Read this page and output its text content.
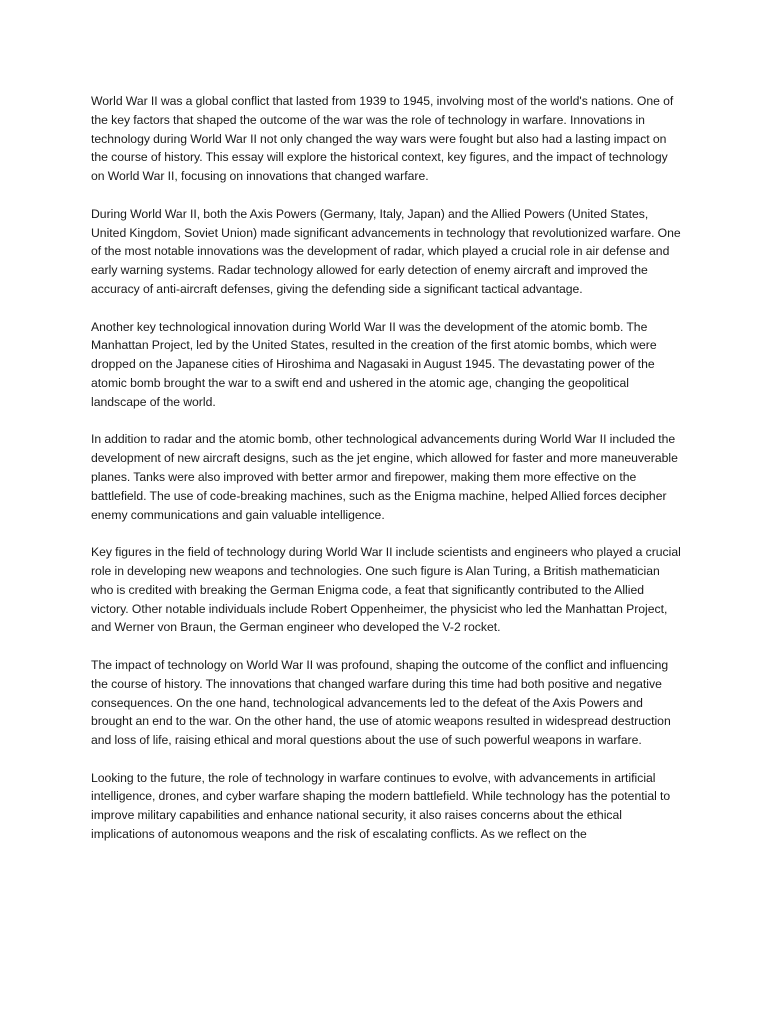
World War II was a global conflict that lasted from 1939 to 1945, involving most of the world's nations. One of the key factors that shaped the outcome of the war was the role of technology in warfare. Innovations in technology during World War II not only changed the way wars were fought but also had a lasting impact on the course of history. This essay will explore the historical context, key figures, and the impact of technology on World War II, focusing on innovations that changed warfare.

During World War II, both the Axis Powers (Germany, Italy, Japan) and the Allied Powers (United States, United Kingdom, Soviet Union) made significant advancements in technology that revolutionized warfare. One of the most notable innovations was the development of radar, which played a crucial role in air defense and early warning systems. Radar technology allowed for early detection of enemy aircraft and improved the accuracy of anti-aircraft defenses, giving the defending side a significant tactical advantage.

Another key technological innovation during World War II was the development of the atomic bomb. The Manhattan Project, led by the United States, resulted in the creation of the first atomic bombs, which were dropped on the Japanese cities of Hiroshima and Nagasaki in August 1945. The devastating power of the atomic bomb brought the war to a swift end and ushered in the atomic age, changing the geopolitical landscape of the world.

In addition to radar and the atomic bomb, other technological advancements during World War II included the development of new aircraft designs, such as the jet engine, which allowed for faster and more maneuverable planes. Tanks were also improved with better armor and firepower, making them more effective on the battlefield. The use of code-breaking machines, such as the Enigma machine, helped Allied forces decipher enemy communications and gain valuable intelligence.

Key figures in the field of technology during World War II include scientists and engineers who played a crucial role in developing new weapons and technologies. One such figure is Alan Turing, a British mathematician who is credited with breaking the German Enigma code, a feat that significantly contributed to the Allied victory. Other notable individuals include Robert Oppenheimer, the physicist who led the Manhattan Project, and Werner von Braun, the German engineer who developed the V-2 rocket.

The impact of technology on World War II was profound, shaping the outcome of the conflict and influencing the course of history. The innovations that changed warfare during this time had both positive and negative consequences. On the one hand, technological advancements led to the defeat of the Axis Powers and brought an end to the war. On the other hand, the use of atomic weapons resulted in widespread destruction and loss of life, raising ethical and moral questions about the use of such powerful weapons in warfare.

Looking to the future, the role of technology in warfare continues to evolve, with advancements in artificial intelligence, drones, and cyber warfare shaping the modern battlefield. While technology has the potential to improve military capabilities and enhance national security, it also raises concerns about the ethical implications of autonomous weapons and the risk of escalating conflicts. As we reflect on the
